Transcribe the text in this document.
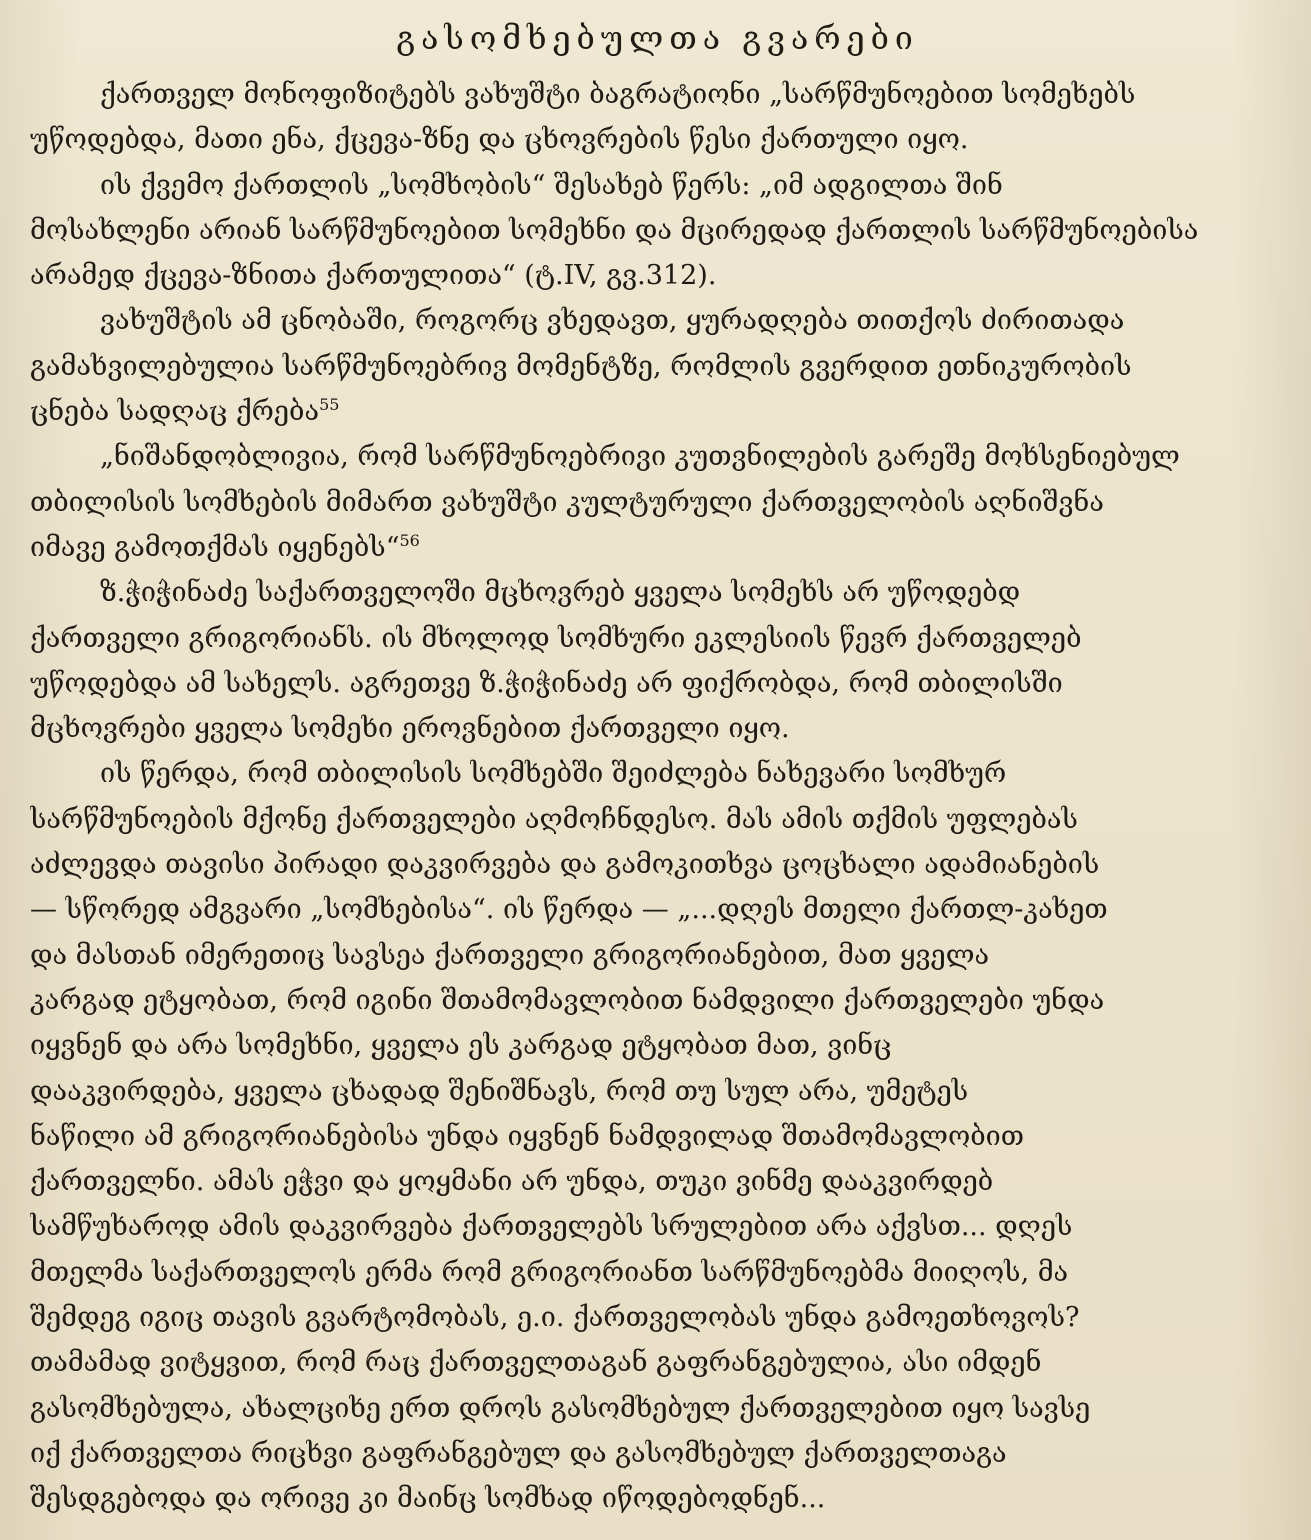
გასომხებულთა გვარები
ქართველ მონოფიზიტებს ვახუშტი ბაგრატიონი „სარწმუნოებით სომეხებს
უწოდებდა, მათი ენა, ქცევა-ზნე და ცხოვრების წესი ქართული იყო.
ის ქვემო ქართლის „სომხობის“ შესახებ წერს: „იმ ადგილთა შინ
მოსახლენი არიან სარწმუნოებით სომეხნი და მცირედად ქართლის სარწმუნოებისა
არამედ ქცევა-ზნითა ქართულითა“ (ტ.IV, გვ.312).
ვახუშტის ამ ცნობაში, როგორც ვხედავთ, ყურადღება თითქოს ძირითადა
გამახვილებულია სარწმუნოებრივ მომენტზე, რომლის გვერდით ეთნიკურობის
ცნება სადღაც ქრება$^{55}$
„ნიშანდობლივია, რომ სარწმუნოებრივი კუთვნილების გარეშე მოხსენიებულ
თბილისის სომხების მიმართ ვახუშტი კულტურული ქართველობის აღნიშვნა
იმავე გამოთქმას იყენებს“$^{56}$
ზ.ჭიჭინაძე საქართველოში მცხოვრებ ყველა სომეხს არ უწოდებდ
ქართველი გრიგორიანს. ის მხოლოდ სომხური ეკლესიის წევრ ქართველებ
უწოდებდა ამ სახელს. აგრეთვე ზ.ჭიჭინაძე არ ფიქრობდა, რომ თბილისში
მცხოვრები ყველა სომეხი ეროვნებით ქართველი იყო.
ის წერდა, რომ თბილისის სომხებში შეიძლება ნახევარი სომხურ
სარწმუნოების მქონე ქართველები აღმოჩნდესო. მას ამის თქმის უფლებას
აძლევდა თავისი პირადი დაკვირვება და გამოკითხვა ცოცხალი ადამიანების
— სწორედ ამგვარი „სომხებისა“. ის წერდა — „...დღეს მთელი ქართლ-კახეთ
და მასთან იმერეთიც სავსეა ქართველი გრიგორიანებით, მათ ყველა
კარგად ეტყობათ, რომ იგინი შთამომავლობით ნამდვილი ქართველები უნდა
იყვნენ და არა სომეხნი, ყველა ეს კარგად ეტყობათ მათ, ვინც
დააკვირდება, ყველა ცხადად შენიშნავს, რომ თუ სულ არა, უმეტეს
ნაწილი ამ გრიგორიანებისა უნდა იყვნენ ნამდვილად შთამომავლობით
ქართველნი. ამას ეჭვი და ყოყმანი არ უნდა, თუკი ვინმე დააკვირდებ
სამწუხაროდ ამის დაკვირვება ქართველებს სრულებით არა აქვსთ... დღეს
მთელმა საქართველოს ერმა რომ გრიგორიანთ სარწმუნოებმა მიიღოს, მა
შემდეგ იგიც თავის გვარტომობას, ე.ი. ქართველობას უნდა გამოეთხოვოს?
თამამად ვიტყვით, რომ რაც ქართველთაგან გაფრანგებულია, ასი იმდენ
გასომხებულა, ახალციხე ერთ დროს გასომხებულ ქართველებით იყო სავსე
იქ ქართველთა რიცხვი გაფრანგებულ და გასომხებულ ქართველთაგა
შესდგებოდა და ორივე კი მაინც სომხად იწოდებოდნენ...
